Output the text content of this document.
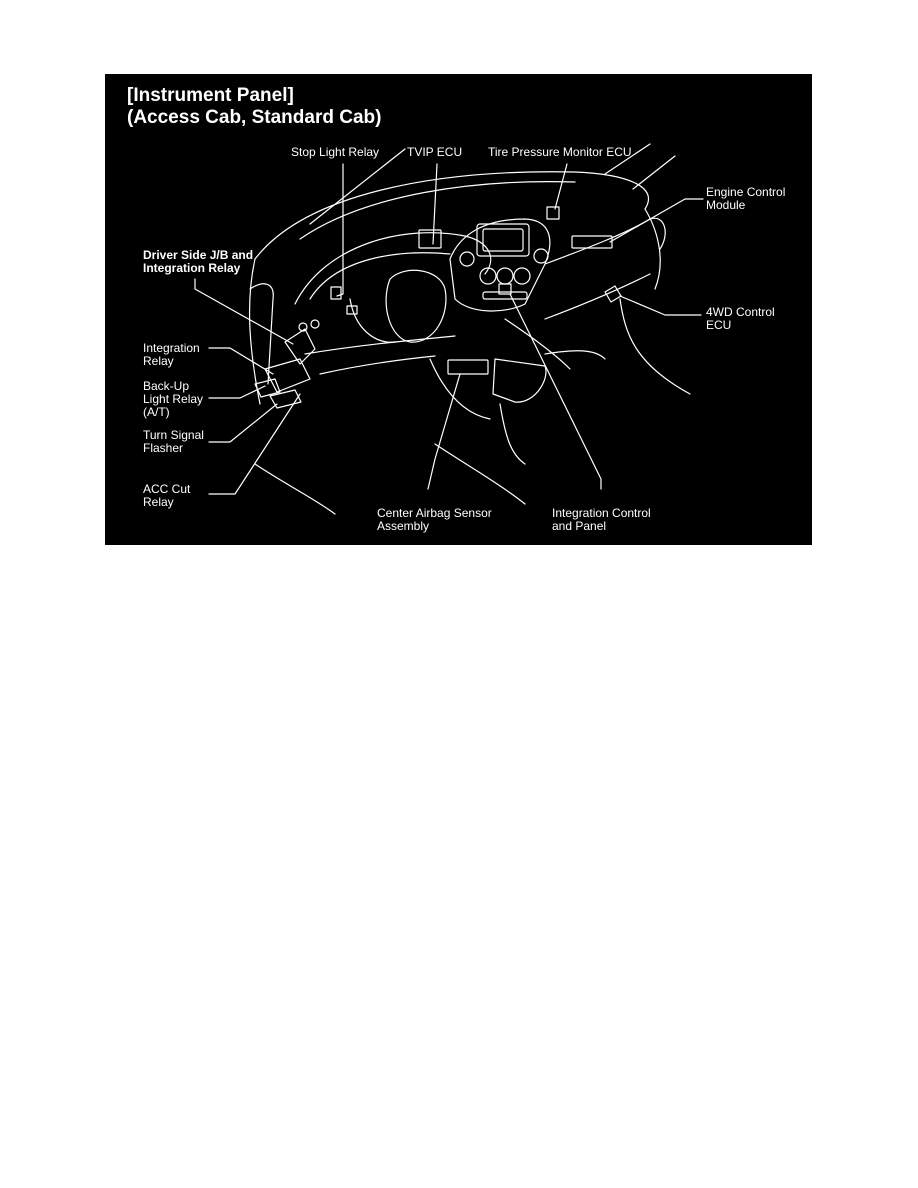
[Instrument Panel]
(Access Cab, Standard Cab)
Stop Light Relay TVIP ECU Tire Pressure Monitor ECU
Engine Control
Module
Driver Side J/B and
Integration Relay
Integration
Relay
Back-Up
Light Relay
(A/T)
Turn Signal
Flasher
ACC Cut
Relay
4WD Control
ECU
Center Airbag Sensor
Assembly
Integration Control
and Panel
